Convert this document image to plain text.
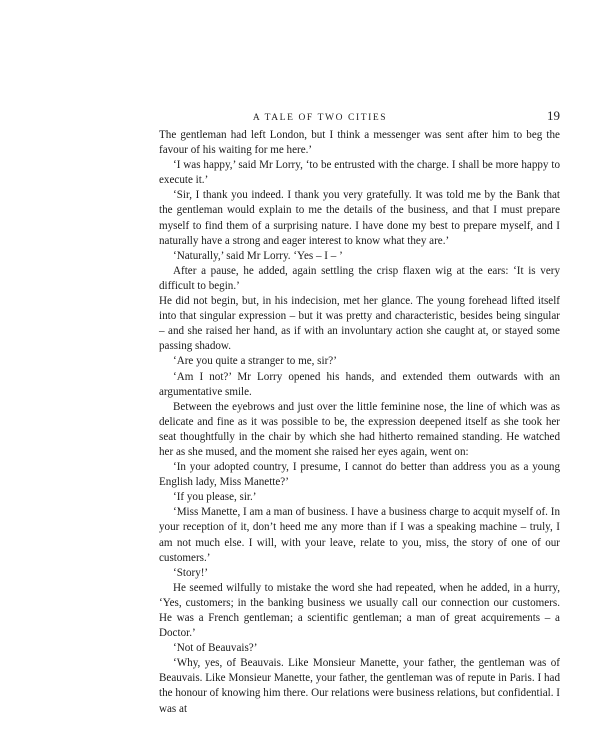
A TALE OF TWO CITIES	19

The gentleman had left London, but I think a messenger was sent after him to beg the favour of his waiting for me here.’

‘I was happy,’ said Mr Lorry, ‘to be entrusted with the charge. I shall be more happy to execute it.’

‘Sir, I thank you indeed. I thank you very gratefully. It was told me by the Bank that the gentleman would explain to me the details of the business, and that I must prepare myself to find them of a surprising nature. I have done my best to prepare myself, and I naturally have a strong and eager interest to know what they are.’

‘Naturally,’ said Mr Lorry. ‘Yes – I – ’

After a pause, he added, again settling the crisp flaxen wig at the ears: ‘It is very difficult to begin.’

He did not begin, but, in his indecision, met her glance. The young forehead lifted itself into that singular expression – but it was pretty and characteristic, besides being singular – and she raised her hand, as if with an involuntary action she caught at, or stayed some passing shadow.

‘Are you quite a stranger to me, sir?’

‘Am I not?’ Mr Lorry opened his hands, and extended them outwards with an argumentative smile.

Between the eyebrows and just over the little feminine nose, the line of which was as delicate and fine as it was possible to be, the expression deepened itself as she took her seat thoughtfully in the chair by which she had hitherto remained standing. He watched her as she mused, and the moment she raised her eyes again, went on:

‘In your adopted country, I presume, I cannot do better than address you as a young English lady, Miss Manette?’

‘If you please, sir.’

‘Miss Manette, I am a man of business. I have a business charge to acquit myself of. In your reception of it, don’t heed me any more than if I was a speaking machine – truly, I am not much else. I will, with your leave, relate to you, miss, the story of one of our customers.’

‘Story!’

He seemed wilfully to mistake the word she had repeated, when he added, in a hurry, ‘Yes, customers; in the banking business we usually call our connection our customers. He was a French gentleman; a scientific gentleman; a man of great acquirements – a Doctor.’

‘Not of Beauvais?’

‘Why, yes, of Beauvais. Like Monsieur Manette, your father, the gentleman was of Beauvais. Like Monsieur Manette, your father, the gentleman was of repute in Paris. I had the honour of knowing him there. Our relations were business relations, but confidential. I was at
